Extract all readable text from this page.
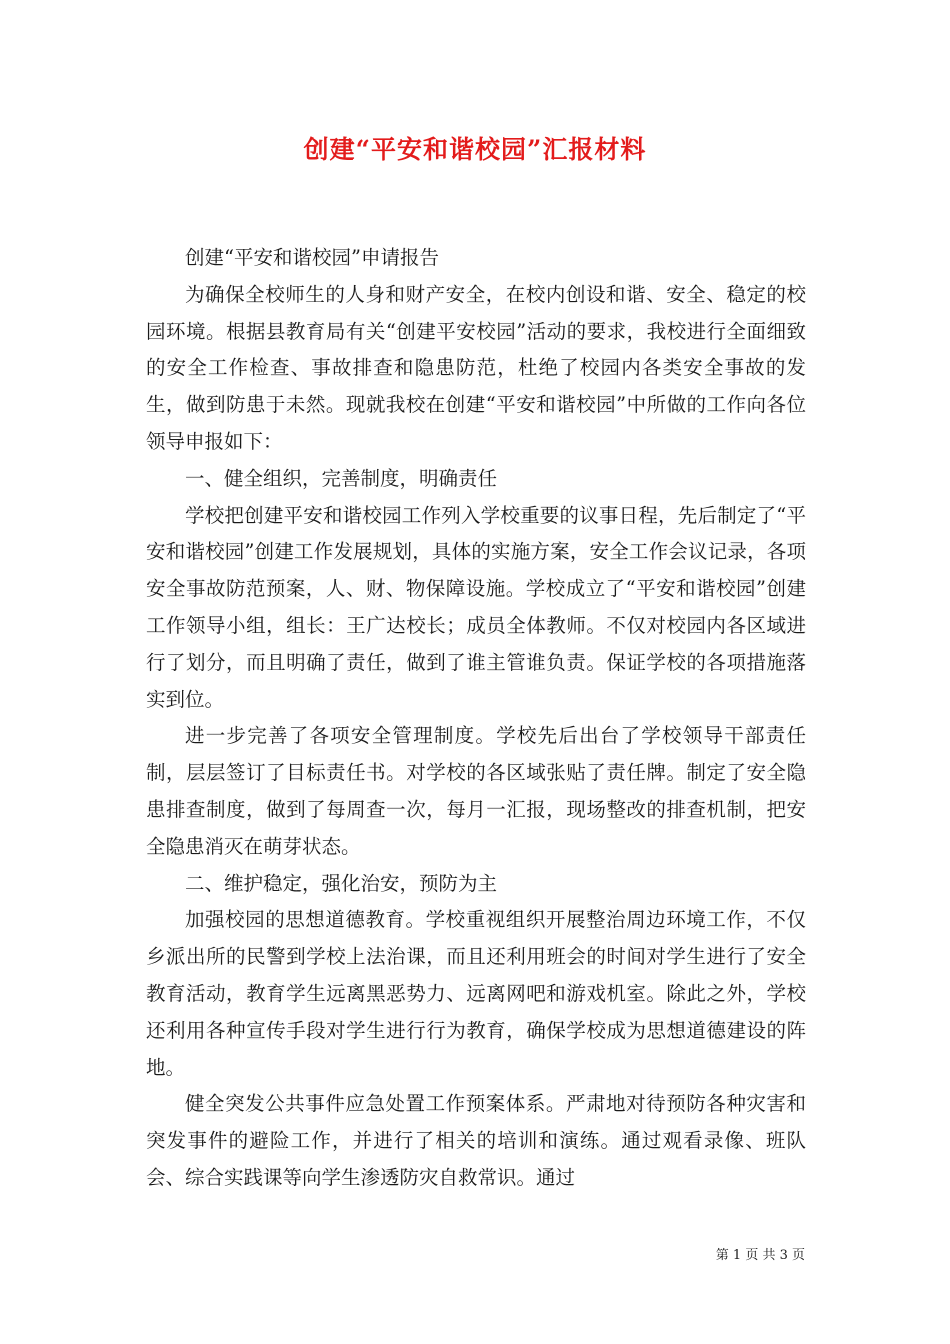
创建“平安和谐校园”汇报材料

创建“平安和谐校园”申请报告

为确保全校师生的人身和财产安全，在校内创设和谐、安全、稳定的校园环境。根据县教育局有关“创建平安校园”活动的要求，我校进行全面细致的安全工作检查、事故排查和隐患防范，杜绝了校园内各类安全事故的发生，做到防患于未然。现就我校在创建“平安和谐校园”中所做的工作向各位领导申报如下：

一、健全组织，完善制度，明确责任

学校把创建平安和谐校园工作列入学校重要的议事日程，先后制定了“平安和谐校园”创建工作发展规划，具体的实施方案，安全工作会议记录，各项安全事故防范预案，人、财、物保障设施。学校成立了“平安和谐校园”创建工作领导小组，组长：王广达校长；成员全体教师。不仅对校园内各区域进行了划分，而且明确了责任，做到了谁主管谁负责。保证学校的各项措施落实到位。

进一步完善了各项安全管理制度。学校先后出台了学校领导干部责任制，层层签订了目标责任书。对学校的各区域张贴了责任牌。制定了安全隐患排查制度，做到了每周查一次，每月一汇报，现场整改的排查机制，把安全隐患消灭在萌芽状态。

二、维护稳定，强化治安，预防为主

加强校园的思想道德教育。学校重视组织开展整治周边环境工作，不仅乡派出所的民警到学校上法治课，而且还利用班会的时间对学生进行了安全教育活动，教育学生远离黑恶势力、远离网吧和游戏机室。除此之外，学校还利用各种宣传手段对学生进行行为教育，确保学校成为思想道德建设的阵地。

健全突发公共事件应急处置工作预案体系。严肃地对待预防各种灾害和突发事件的避险工作，并进行了相关的培训和演练。通过观看录像、班队会、综合实践课等向学生渗透防灾自救常识。通过

第 1 页 共 3 页
